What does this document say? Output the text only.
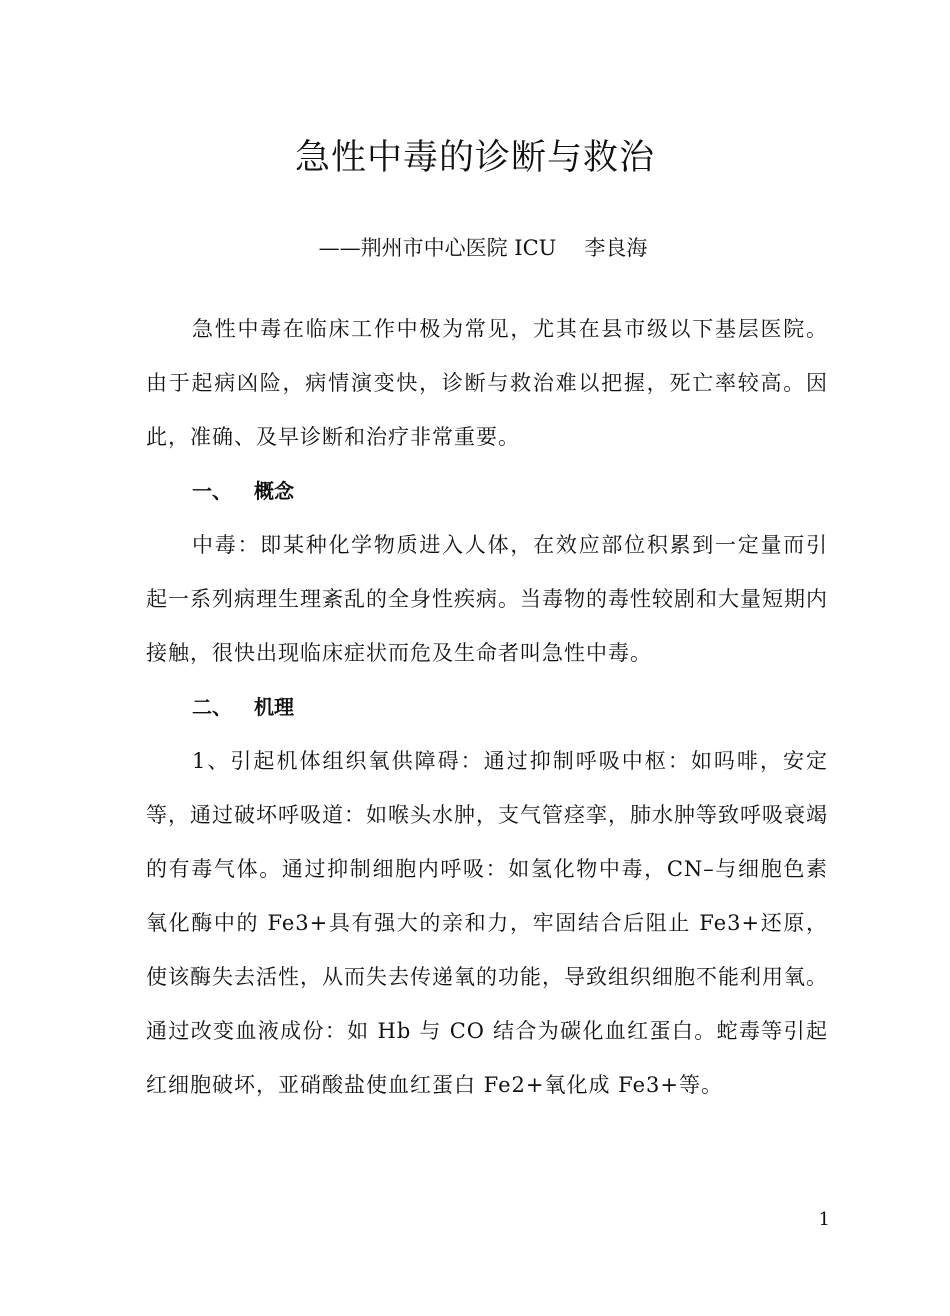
急性中毒的诊断与救治

——荆州市中心医院 ICU 李良海

急性中毒在临床工作中极为常见，尤其在县市级以下基层医院。由于起病凶险，病情演变快，诊断与救治难以把握，死亡率较高。因此，准确、及早诊断和治疗非常重要。

一、 概念

中毒：即某种化学物质进入人体，在效应部位积累到一定量而引起一系列病理生理紊乱的全身性疾病。当毒物的毒性较剧和大量短期内接触，很快出现临床症状而危及生命者叫急性中毒。

二、 机理

1、引起机体组织氧供障碍：通过抑制呼吸中枢：如吗啡，安定等，通过破坏呼吸道：如喉头水肿，支气管痉挛，肺水肿等致呼吸衰竭的有毒气体。通过抑制细胞内呼吸：如氢化物中毒，CN–与细胞色素氧化酶中的 Fe3+具有强大的亲和力，牢固结合后阻止 Fe3+还原，使该酶失去活性，从而失去传递氧的功能，导致组织细胞不能利用氧。通过改变血液成份：如 Hb 与 CO 结合为碳化血红蛋白。蛇毒等引起红细胞破坏，亚硝酸盐使血红蛋白 Fe2+氧化成 Fe3+等。

1
